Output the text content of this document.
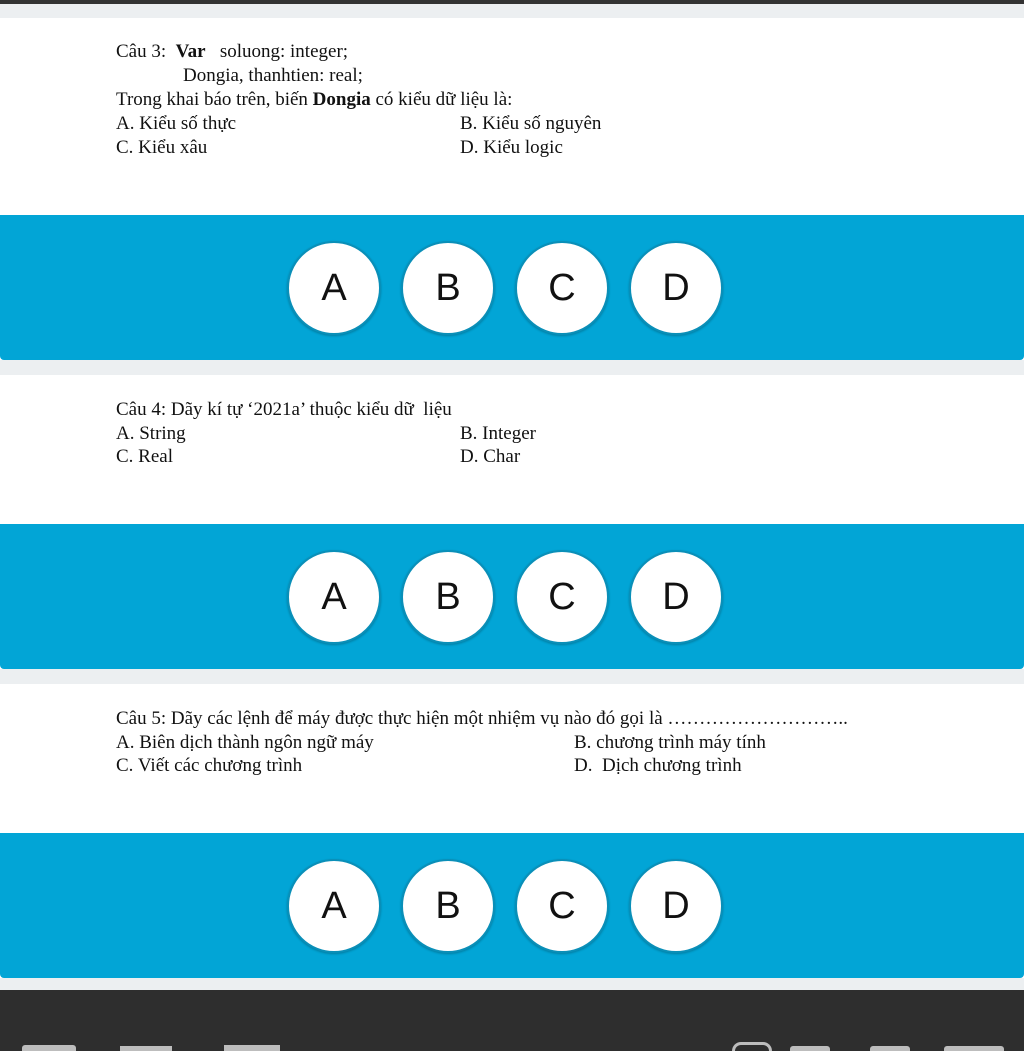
Câu 3: Var soluong: integer;
Dongia, thanhtien: real;
Trong khai báo trên, biến Dongia có kiểu dữ liệu là:
A. Kiểu số thực	B. Kiểu số nguyên
C. Kiểu xâu	D. Kiểu logic
A	B	C	D
Câu 4: Dãy kí tự ‘2021a’ thuộc kiểu dữ  liệu
A. String	B. Integer
C. Real	D. Char
A	B	C	D
Câu 5: Dãy các lệnh để máy được thực hiện một nhiệm vụ nào đó gọi là ………………………..
A. Biên dịch thành ngôn ngữ máy	B. chương trình máy tính
C. Viết các chương trình	D.  Dịch chương trình
A	B	C	D
